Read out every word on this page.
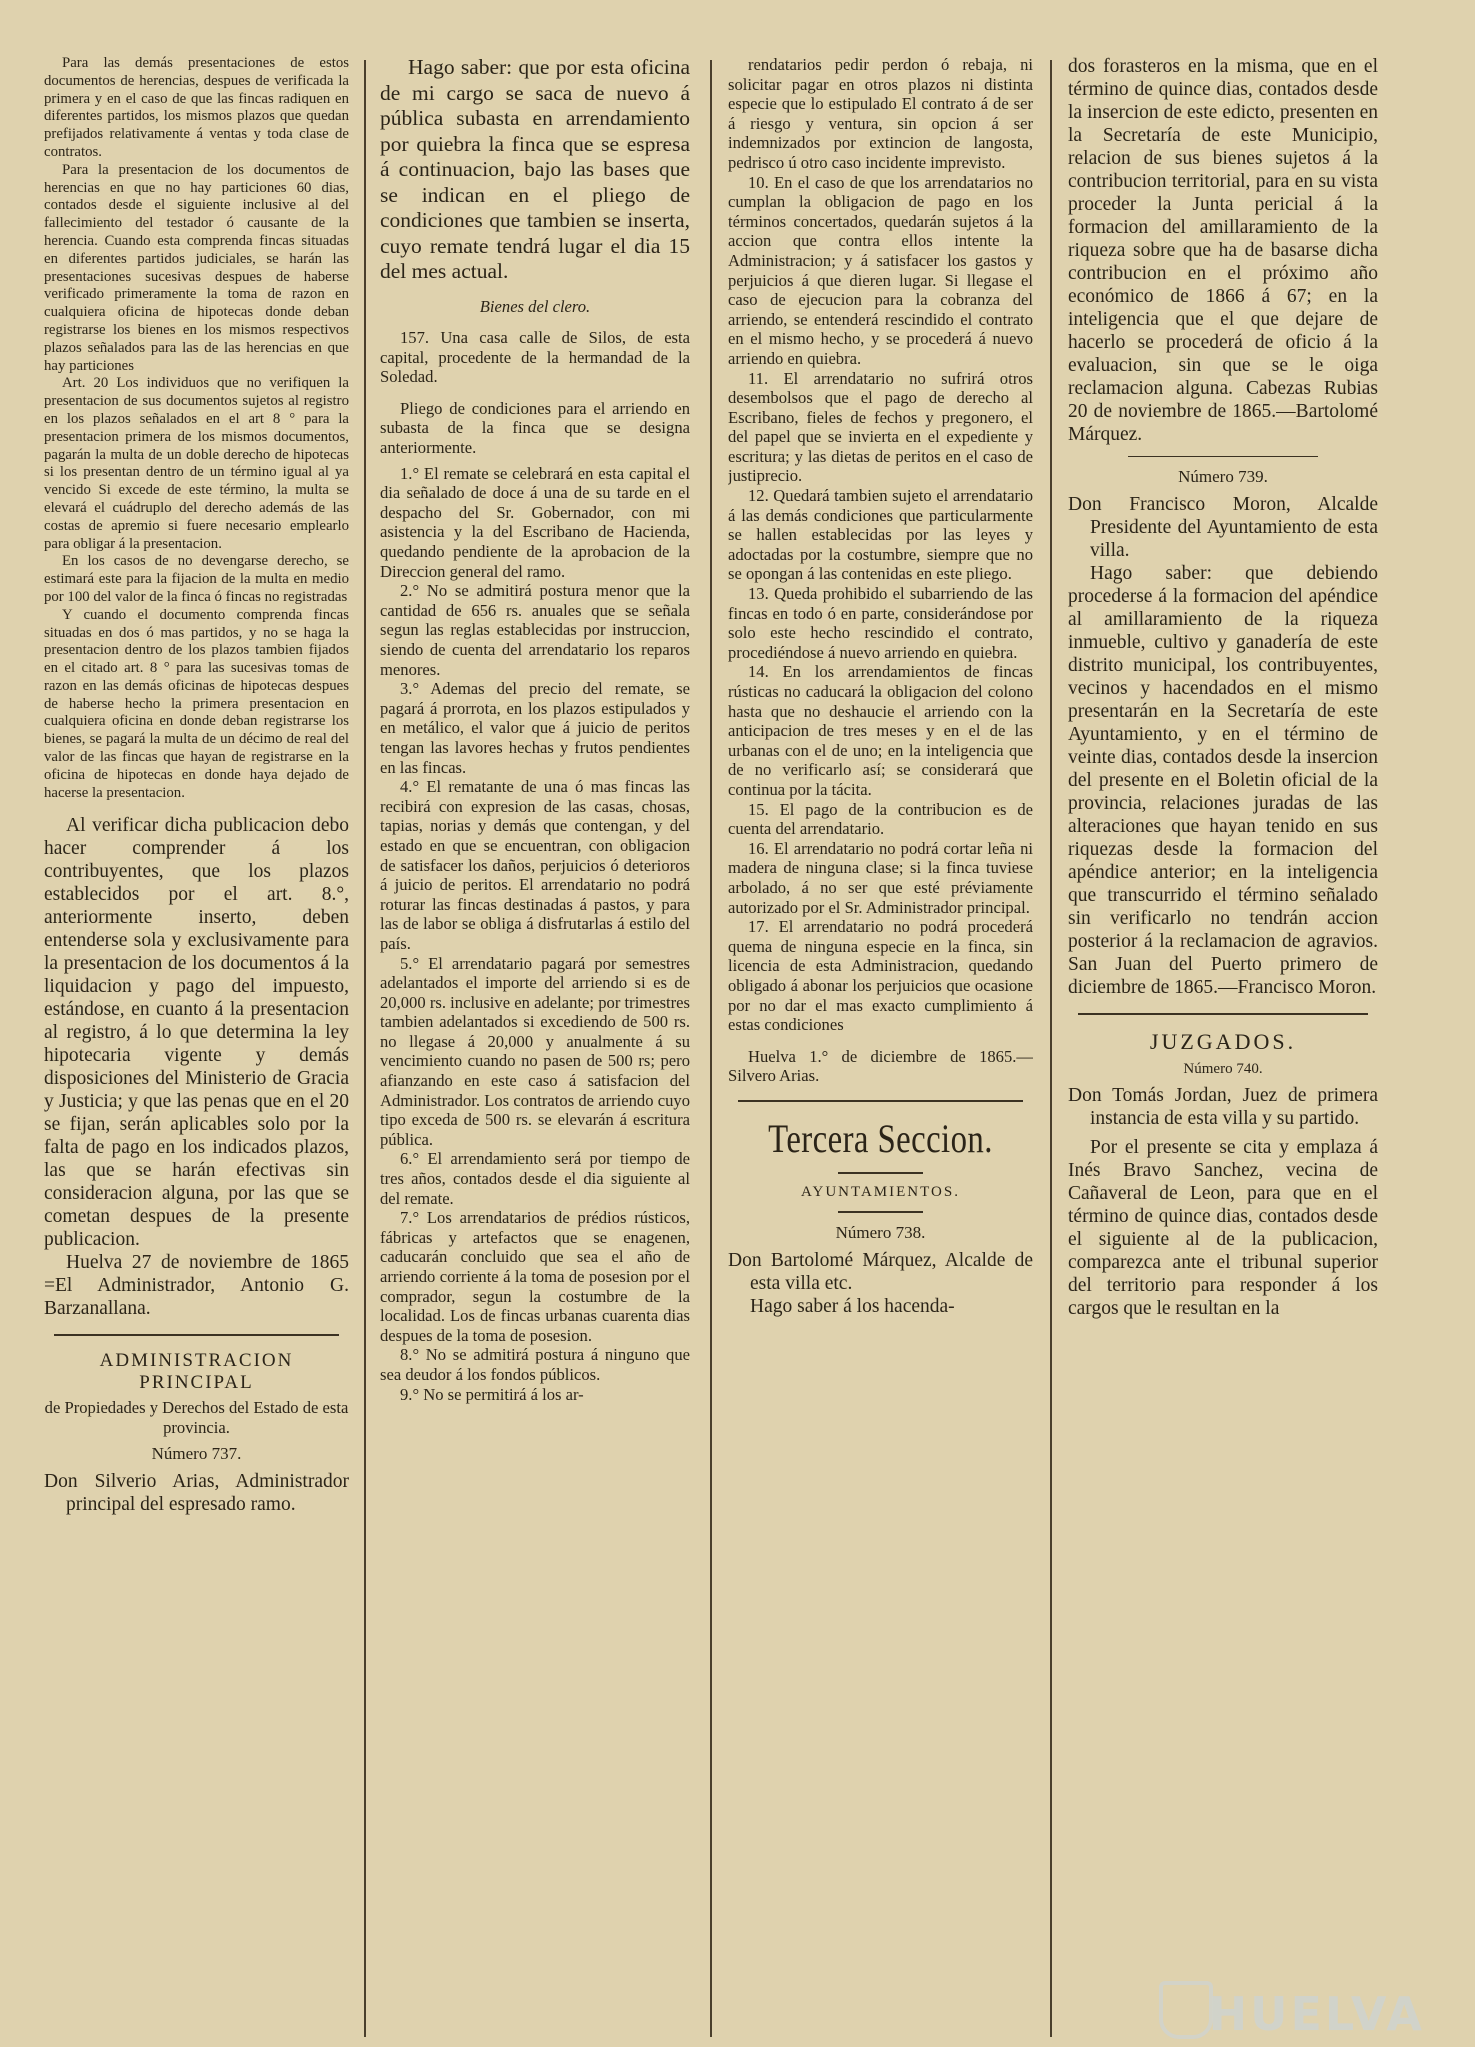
Para las demás presentaciones de estos documentos de herencias, despues de verificada la primera y en el caso de que las fincas radiquen en diferentes partidos, los mismos plazos que quedan prefijados relativamente á ventas y toda clase de contratos.

Para la presentacion de los documentos de herencias en que no hay particiones 60 dias, contados desde el siguiente inclusive al del fallecimiento del testador ó causante de la herencia. Cuando esta comprenda fincas situadas en diferentes partidos judiciales, se harán las presentaciones sucesivas despues de haberse verificado primeramente la toma de razon en cualquiera oficina de hipotecas donde deban registrarse los bienes en los mismos respectivos plazos señalados para las de las herencias en que hay particiones

Art. 20 Los individuos que no verifiquen la presentacion de sus documentos sujetos al registro en los plazos señalados en el art 8 ° para la presentacion primera de los mismos documentos, pagarán la multa de un doble derecho de hipotecas si los presentan dentro de un término igual al ya vencido Si excede de este término, la multa se elevará el cuádruplo del derecho además de las costas de apremio si fuere necesario emplearlo para obligar á la presentacion.

En los casos de no devengarse derecho, se estimará este para la fijacion de la multa en medio por 100 del valor de la finca ó fincas no registradas

Y cuando el documento comprenda fincas situadas en dos ó mas partidos, y no se haga la presentacion dentro de los plazos tambien fijados en el citado art. 8 ° para las sucesivas tomas de razon en las demás oficinas de hipotecas despues de haberse hecho la primera presentacion en cualquiera oficina en donde deban registrarse los bienes, se pagará la multa de un décimo de real del valor de las fincas que hayan de registrarse en la oficina de hipotecas en donde haya dejado de hacerse la presentacion.

Al verificar dicha publicacion debo hacer comprender á los contribuyentes, que los plazos establecidos por el art. 8.°, anteriormente inserto, deben entenderse sola y exclusivamente para la presentacion de los documentos á la liquidacion y pago del impuesto, estándose, en cuanto á la presentacion al registro, á lo que determina la ley hipotecaria vigente y demás disposiciones del Ministerio de Gracia y Justicia; y que las penas que en el 20 se fijan, serán aplicables solo por la falta de pago en los indicados plazos, las que se harán efectivas sin consideracion alguna, por las que se cometan despues de la presente publicacion.

Huelva 27 de noviembre de 1865 =El Administrador, Antonio G. Barzanallana.

ADMINISTRACION PRINCIPAL

de Propiedades y Derechos del Estado de esta provincia.

Número 737.

Don Silverio Arias, Administrador principal del espresado ramo.

Hago saber: que por esta oficina de mi cargo se saca de nuevo á pública subasta en arrendamiento por quiebra la finca que se espresa á continuacion, bajo las bases que se indican en el pliego de condiciones que tambien se inserta, cuyo remate tendrá lugar el dia 15 del mes actual.

Bienes del clero.

157. Una casa calle de Silos, de esta capital, procedente de la hermandad de la Soledad.

Pliego de condiciones para el arriendo en subasta de la finca que se designa anteriormente.

1.° El remate se celebrará en esta capital el dia señalado de doce á una de su tarde en el despacho del Sr. Gobernador, con mi asistencia y la del Escribano de Hacienda, quedando pendiente de la aprobacion de la Direccion general del ramo.

2.° No se admitirá postura menor que la cantidad de 656 rs. anuales que se señala segun las reglas establecidas por instruccion, siendo de cuenta del arrendatario los reparos menores.

3.° Ademas del precio del remate, se pagará á prorrota, en los plazos estipulados y en metálico, el valor que á juicio de peritos tengan las lavores hechas y frutos pendientes en las fincas.

4.° El rematante de una ó mas fincas las recibirá con expresion de las casas, chosas, tapias, norias y demás que contengan, y del estado en que se encuentran, con obligacion de satisfacer los daños, perjuicios ó deterioros á juicio de peritos. El arrendatario no podrá roturar las fincas destinadas á pastos, y para las de labor se obliga á disfrutarlas á estilo del país.

5.° El arrendatario pagará por semestres adelantados el importe del arriendo si es de 20,000 rs. inclusive en adelante; por trimestres tambien adelantados si excediendo de 500 rs. no llegase á 20,000 y anualmente á su vencimiento cuando no pasen de 500 rs; pero afianzando en este caso á satisfacion del Administrador. Los contratos de arriendo cuyo tipo exceda de 500 rs. se elevarán á escritura pública.

6.° El arrendamiento será por tiempo de tres años, contados desde el dia siguiente al del remate.

7.° Los arrendatarios de prédios rústicos, fábricas y artefactos que se enagenen, caducarán concluido que sea el año de arriendo corriente á la toma de posesion por el comprador, segun la costumbre de la localidad. Los de fincas urbanas cuarenta dias despues de la toma de posesion.

8.° No se admitirá postura á ninguno que sea deudor á los fondos públicos.

9.° No se permitirá á los ar-

rendatarios pedir perdon ó rebaja, ni solicitar pagar en otros plazos ni distinta especie que lo estipulado El contrato á de ser á riesgo y ventura, sin opcion á ser indemnizados por extincion de langosta, pedrisco ú otro caso incidente imprevisto.

10. En el caso de que los arrendatarios no cumplan la obligacion de pago en los términos concertados, quedarán sujetos á la accion que contra ellos intente la Administracion; y á satisfacer los gastos y perjuicios á que dieren lugar. Si llegase el caso de ejecucion para la cobranza del arriendo, se entenderá rescindido el contrato en el mismo hecho, y se procederá á nuevo arriendo en quiebra.

11. El arrendatario no sufrirá otros desembolsos que el pago de derecho al Escribano, fieles de fechos y pregonero, el del papel que se invierta en el expediente y escritura; y las dietas de peritos en el caso de justiprecio.

12. Quedará tambien sujeto el arrendatario á las demás condiciones que particularmente se hallen establecidas por las leyes y adoctadas por la costumbre, siempre que no se opongan á las contenidas en este pliego.

13. Queda prohibido el subarriendo de las fincas en todo ó en parte, considerándose por solo este hecho rescindido el contrato, procediéndose á nuevo arriendo en quiebra.

14. En los arrendamientos de fincas rústicas no caducará la obligacion del colono hasta que no deshaucie el arriendo con la anticipacion de tres meses y en el de las urbanas con el de uno; en la inteligencia que de no verificarlo así; se considerará que continua por la tácita.

15. El pago de la contribucion es de cuenta del arrendatario.

16. El arrendatario no podrá cortar leña ni madera de ninguna clase; si la finca tuviese arbolado, á no ser que esté préviamente autorizado por el Sr. Administrador principal.

17. El arrendatario no podrá procederá quema de ninguna especie en la finca, sin licencia de esta Administracion, quedando obligado á abonar los perjuicios que ocasione por no dar el mas exacto cumplimiento á estas condiciones

Huelva 1.° de diciembre de 1865.—Silvero Arias.

Tercera Seccion.
AYUNTAMIENTOS.
Número 738.

Don Bartolomé Márquez, Alcalde de esta villa etc.

Hago saber á los hacenda-

dos forasteros en la misma, que en el término de quince dias, contados desde la insercion de este edicto, presenten en la Secretaría de este Municipio, relacion de sus bienes sujetos á la contribucion territorial, para en su vista proceder la Junta pericial á la formacion del amillaramiento de la riqueza sobre que ha de basarse dicha contribucion en el próximo año económico de 1866 á 67; en la inteligencia que el que dejare de hacerlo se procederá de oficio á la evaluacion, sin que se le oiga reclamacion alguna. Cabezas Rubias 20 de noviembre de 1865.—Bartolomé Márquez.

Número 739.

Don Francisco Moron, Alcalde Presidente del Ayuntamiento de esta villa.

Hago saber: que debiendo procederse á la formacion del apéndice al amillaramiento de la riqueza inmueble, cultivo y ganadería de este distrito municipal, los contribuyentes, vecinos y hacendados en el mismo presentarán en la Secretaría de este Ayuntamiento, y en el término de veinte dias, contados desde la insercion del presente en el Boletin oficial de la provincia, relaciones juradas de las alteraciones que hayan tenido en sus riquezas desde la formacion del apéndice anterior; en la inteligencia que transcurrido el término señalado sin verificarlo no tendrán accion posterior á la reclamacion de agravios. San Juan del Puerto primero de diciembre de 1865.—Francisco Moron.

JUZGADOS.
Número 740.

Don Tomás Jordan, Juez de primera instancia de esta villa y su partido.

Por el presente se cita y emplaza á Inés Bravo Sanchez, vecina de Cañaveral de Leon, para que en el término de quince dias, contados desde el siguiente al de la publicacion, comparezca ante el tribunal superior del territorio para responder á los cargos que le resultan en la

HUELVA
